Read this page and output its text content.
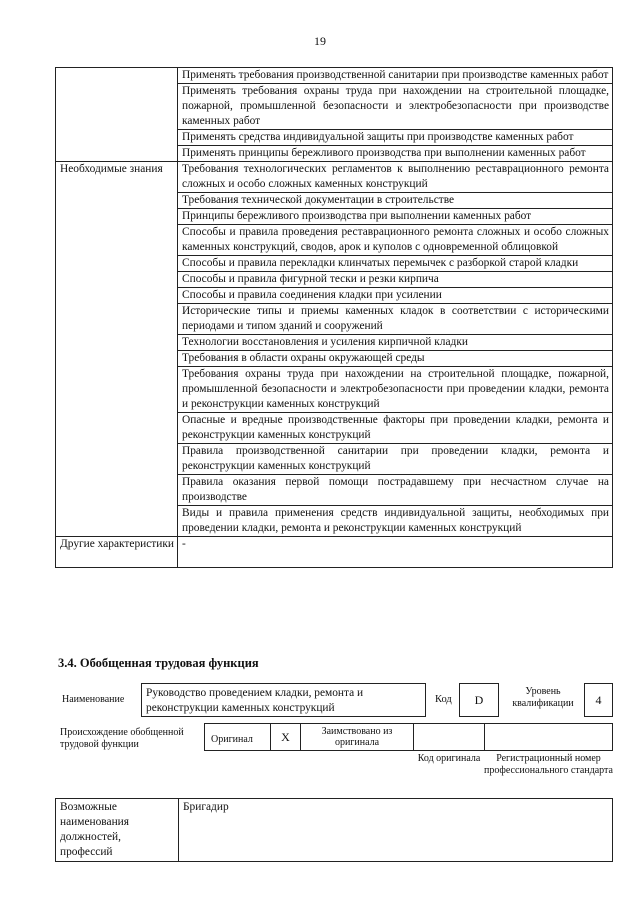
19
	Применять требования производственной санитарии при производстве каменных работ
	Применять требования охраны труда при нахождении на строительной площадке, пожарной, промышленной безопасности и электробезопасности при производстве каменных работ
	Применять средства индивидуальной защиты при производстве каменных работ
	Применять принципы бережливого производства при выполнении каменных работ
Необходимые знания	Требования технологических регламентов к выполнению реставрационного ремонта сложных и особо сложных каменных конструкций
	Требования технической документации в строительстве
	Принципы бережливого производства при выполнении каменных работ
	Способы и правила проведения реставрационного ремонта сложных и особо сложных каменных конструкций, сводов, арок и куполов с одновременной облицовкой
	Способы и правила перекладки клинчатых перемычек с разборкой старой кладки
	Способы и правила фигурной тески и резки кирпича
	Способы и правила соединения кладки при усилении
	Исторические типы и приемы каменных кладок в соответствии с историческими периодами и типом зданий и сооружений
	Технологии восстановления и усиления кирпичной кладки
	Требования в области охраны окружающей среды
	Требования охраны труда при нахождении на строительной площадке, пожарной, промышленной безопасности и электробезопасности при проведении кладки, ремонта и реконструкции каменных конструкций
	Опасные и вредные производственные факторы при проведении кладки, ремонта и реконструкции каменных конструкций
	Правила производственной санитарии при проведении кладки, ремонта и реконструкции каменных конструкций
	Правила оказания первой помощи пострадавшему при несчастном случае на производстве
	Виды и правила применения средств индивидуальной защиты, необходимых при проведении кладки, ремонта и реконструкции каменных конструкций
Другие характеристики	-
3.4. Обобщенная трудовая функция
Наименование
Руководство проведением кладки, ремонта и реконструкции каменных конструкций
Код	D
Уровень квалификации	4
Происхождение обобщенной трудовой функции	Оригинал	X	Заимствовано из оригинала
Код оригинала	Регистрационный номер профессионального стандарта
Возможные наименования должностей, профессий	Бригадир
